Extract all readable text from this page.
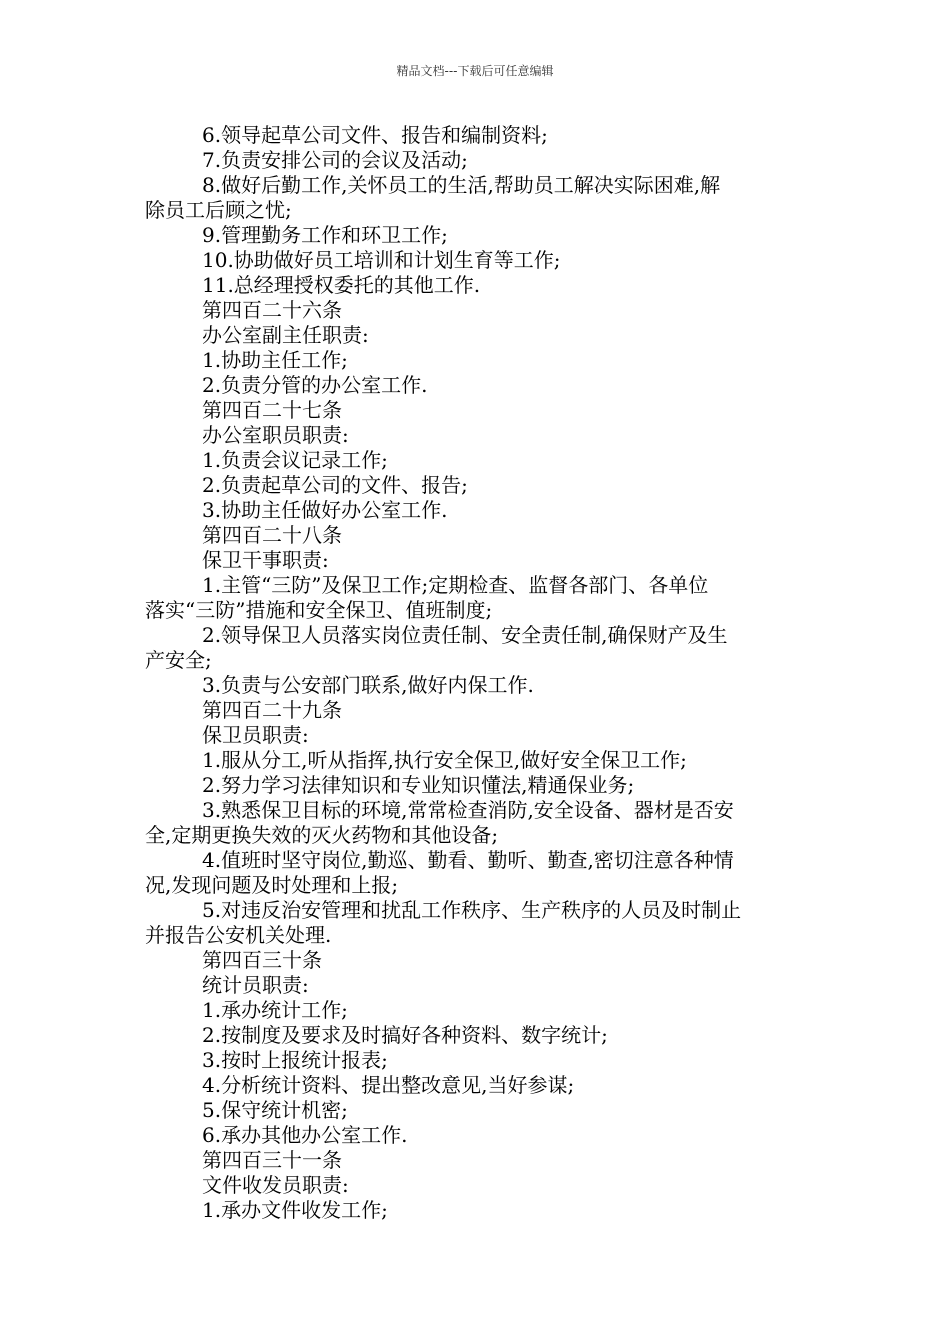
精品文档---下载后可任意编辑
6.领导起草公司文件、报告和编制资料;
7.负责安排公司的会议及活动;
8.做好后勤工作,关怀员工的生活,帮助员工解决实际困难,解
除员工后顾之忧;
9.管理勤务工作和环卫工作;
10.协助做好员工培训和计划生育等工作;
11.总经理授权委托的其他工作.
第四百二十六条
办公室副主任职责:
1.协助主任工作;
2.负责分管的办公室工作.
第四百二十七条
办公室职员职责:
1.负责会议记录工作;
2.负责起草公司的文件、报告;
3.协助主任做好办公室工作.
第四百二十八条
保卫干事职责:
1.主管“三防”及保卫工作;定期检查、监督各部门、各单位
落实“三防”措施和安全保卫、值班制度;
2.领导保卫人员落实岗位责任制、安全责任制,确保财产及生
产安全;
3.负责与公安部门联系,做好内保工作.
第四百二十九条
保卫员职责:
1.服从分工,听从指挥,执行安全保卫,做好安全保卫工作;
2.努力学习法律知识和专业知识懂法,精通保业务;
3.熟悉保卫目标的环境,常常检查消防,安全设备、器材是否安
全,定期更换失效的灭火药物和其他设备;
4.值班时坚守岗位,勤巡、勤看、勤听、勤查,密切注意各种情
况,发现问题及时处理和上报;
5.对违反治安管理和扰乱工作秩序、生产秩序的人员及时制止
并报告公安机关处理.
第四百三十条
统计员职责:
1.承办统计工作;
2.按制度及要求及时搞好各种资料、数字统计;
3.按时上报统计报表;
4.分析统计资料、提出整改意见,当好参谋;
5.保守统计机密;
6.承办其他办公室工作.
第四百三十一条
文件收发员职责:
1.承办文件收发工作;
